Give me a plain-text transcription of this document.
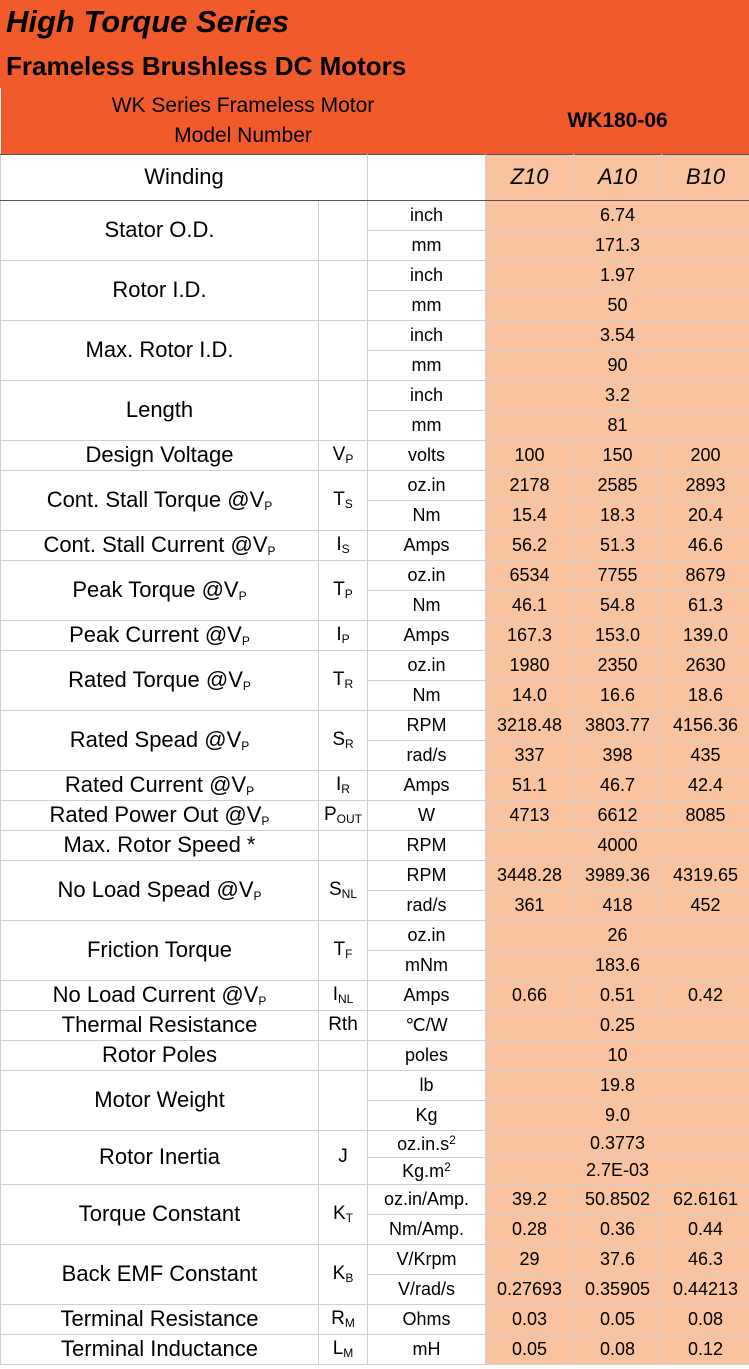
High Torque Series
Frameless Brushless DC Motors
WK Series Frameless Motor
Model Number			WK180-06		
Winding			Z10	A10	B10
Stator O.D.		inch	6.74		
		mm	171.3		
Rotor I.D.		inch	1.97		
		mm	50		
Max. Rotor I.D.		inch	3.54		
		mm	90		
Length		inch	3.2		
		mm	81		
Design Voltage	$V_P$	volts	100	150	200
Cont. Stall Torque $@V_P$	$T_S$	oz.in	2178	2585	2893
		Nm	15.4	18.3	20.4
Cont. Stall Current $@V_P$	$I_S$	Amps	56.2	51.3	46.6
Peak Torque $@V_P$	$T_P$	oz.in	6534	7755	8679
		Nm	46.1	54.8	61.3
Peak Current $@V_P$	$I_P$	Amps	167.3	153.0	139.0
Rated Torque $@V_P$	$T_R$	oz.in	1980	2350	2630
		Nm	14.0	16.6	18.6
Rated Spead $@V_P$	$S_R$	RPM	3218.48	3803.77	4156.36
		rad/s	337	398	435
Rated Current $@V_P$	$I_R$	Amps	51.1	46.7	42.4
Rated Power Out $@V_P$	$P_{OUT}$	W	4713	6612	8085
Max. Rotor Speed *		RPM	4000		
No Load Spead $@V_P$	$S_{NL}$	RPM	3448.28	3989.36	4319.65
		rad/s	361	418	452
Friction Torque	$T_F$	oz.in	26		
		mNm	183.6		
No Load Current $@V_P$	$I_{NL}$	Amps	0.66	0.51	0.42
Thermal Resistance	Rth	℃/W	0.25		
Rotor Poles		poles	10		
Motor Weight		lb	19.8		
		Kg	9.0		
Rotor Inertia	J	$oz.in.s^2$	0.3773		
		$Kg.m^2$	2.7E-03		
Torque Constant	$K_T$	oz.in/Amp.	39.2	50.8502	62.6161
		Nm/Amp.	0.28	0.36	0.44
Back EMF Constant	$K_B$	V/Krpm	29	37.6	46.3
		V/rad/s	0.27693	0.35905	0.44213
Terminal Resistance	$R_M$	Ohms	0.03	0.05	0.08
Terminal Inductance	$L_M$	mH	0.05	0.08	0.12
